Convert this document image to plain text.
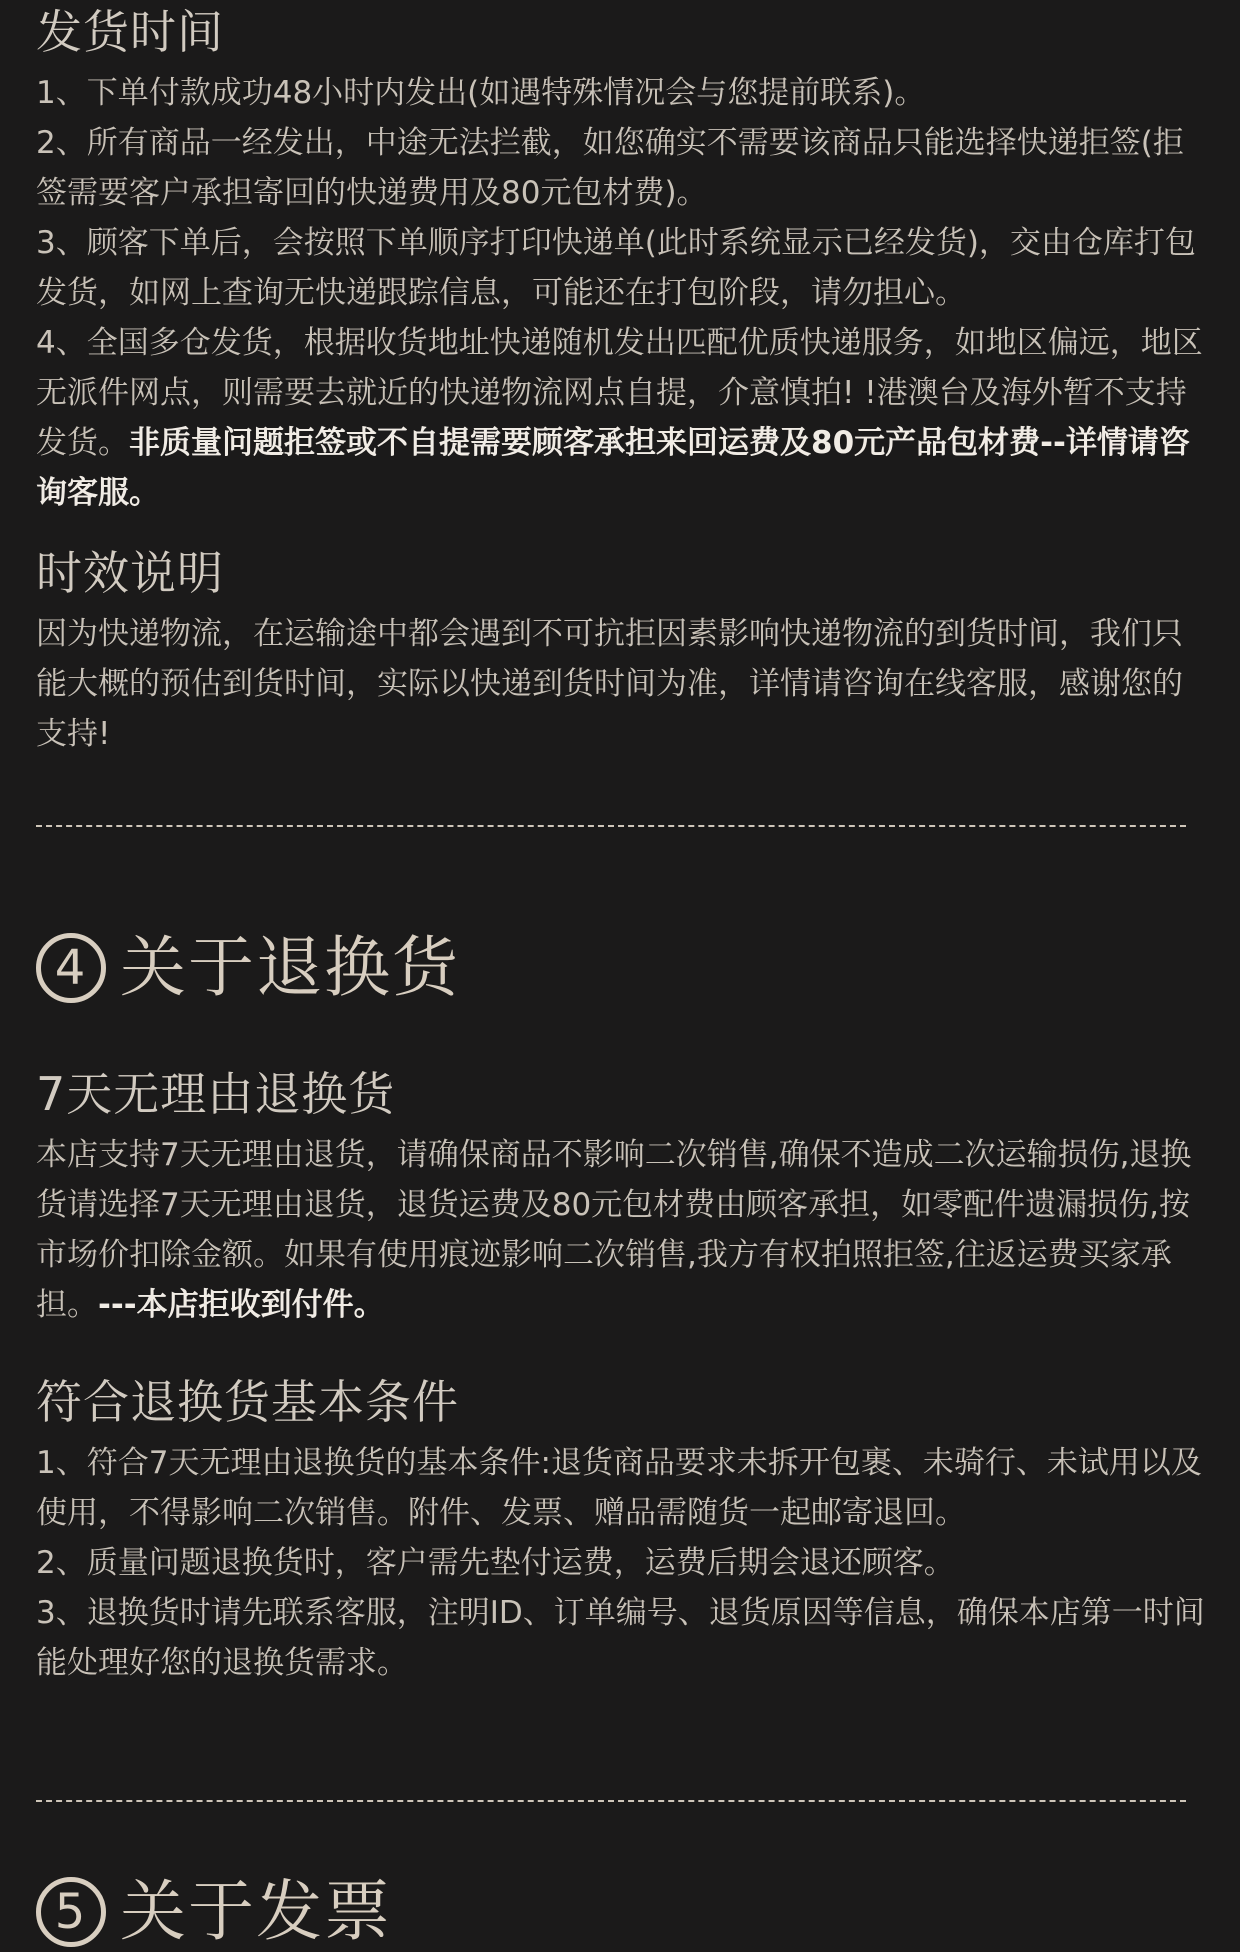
发货时间

1、下单付款成功48小时内发出(如遇特殊情况会与您提前联系)。

2、所有商品一经发出，中途无法拦截，如您确实不需要该商品只能选择快递拒签(拒签需要客户承担寄回的快递费用及80元包材费)。

3、顾客下单后，会按照下单顺序打印快递单(此时系统显示已经发货)，交由仓库打包发货，如网上查询无快递跟踪信息，可能还在打包阶段，请勿担心。

4、全国多仓发货，根据收货地址快递随机发出匹配优质快递服务，如地区偏远，地区无派件网点，则需要去就近的快递物流网点自提，介意慎拍! !港澳台及海外暂不支持发货。非质量问题拒签或不自提需要顾客承担来回运费及80元产品包材费--详情请咨询客服。

时效说明

因为快递物流，在运输途中都会遇到不可抗拒因素影响快递物流的到货时间，我们只能大概的预估到货时间，实际以快递到货时间为准，详情请咨询在线客服，感谢您的支持!

4 关于退换货
7天无理由退换货

本店支持7天无理由退货，请确保商品不影响二次销售,确保不造成二次运输损伤,退换货请选择7天无理由退货，退货运费及80元包材费由顾客承担，如零配件遗漏损伤,按市场价扣除金额。如果有使用痕迹影响二次销售,我方有权拍照拒签,往返运费买家承担。---本店拒收到付件。

符合退换货基本条件

1、符合7天无理由退换货的基本条件:退货商品要求未拆开包裹、未骑行、未试用以及使用，不得影响二次销售。附件、发票、赠品需随货一起邮寄退回。

2、质量问题退换货时，客户需先垫付运费，运费后期会退还顾客。

3、退换货时请先联系客服，注明ID、订单编号、退货原因等信息，确保本店第一时间能处理好您的退换货需求。

5 关于发票
